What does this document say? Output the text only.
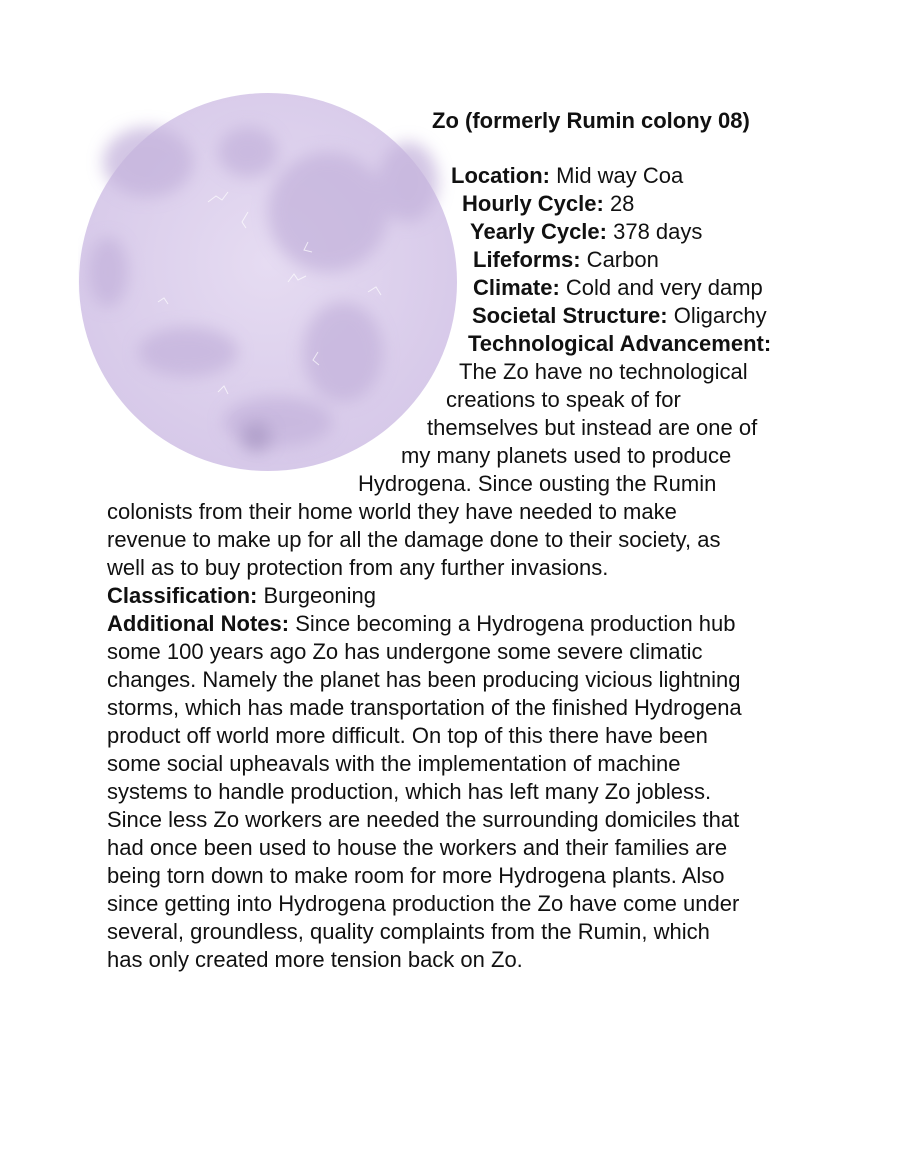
Zo (formerly Rumin colony 08)
Location: Mid way Coa
Hourly Cycle: 28
Yearly Cycle: 378 days
Lifeforms: Carbon
Climate: Cold and very damp
Societal Structure: Oligarchy
Technological Advancement:
The Zo have no technological
creations to speak of for
themselves but instead are one of
my many planets used to produce
Hydrogena. Since ousting the Rumin
colonists from their home world they have needed to make
revenue to make up for all the damage done to their society, as
well as to buy protection from any further invasions.
Classification: Burgeoning
Additional Notes: Since becoming a Hydrogena production hub
some 100 years ago Zo has undergone some severe climatic
changes. Namely the planet has been producing vicious lightning
storms, which has made transportation of the finished Hydrogena
product off world more difficult. On top of this there have been
some social upheavals with the implementation of machine
systems to handle production, which has left many Zo jobless.
Since less Zo workers are needed the surrounding domiciles that
had once been used to house the workers and their families are
being torn down to make room for more Hydrogena plants. Also
since getting into Hydrogena production the Zo have come under
several, groundless, quality complaints from the Rumin, which
has only created more tension back on Zo.
